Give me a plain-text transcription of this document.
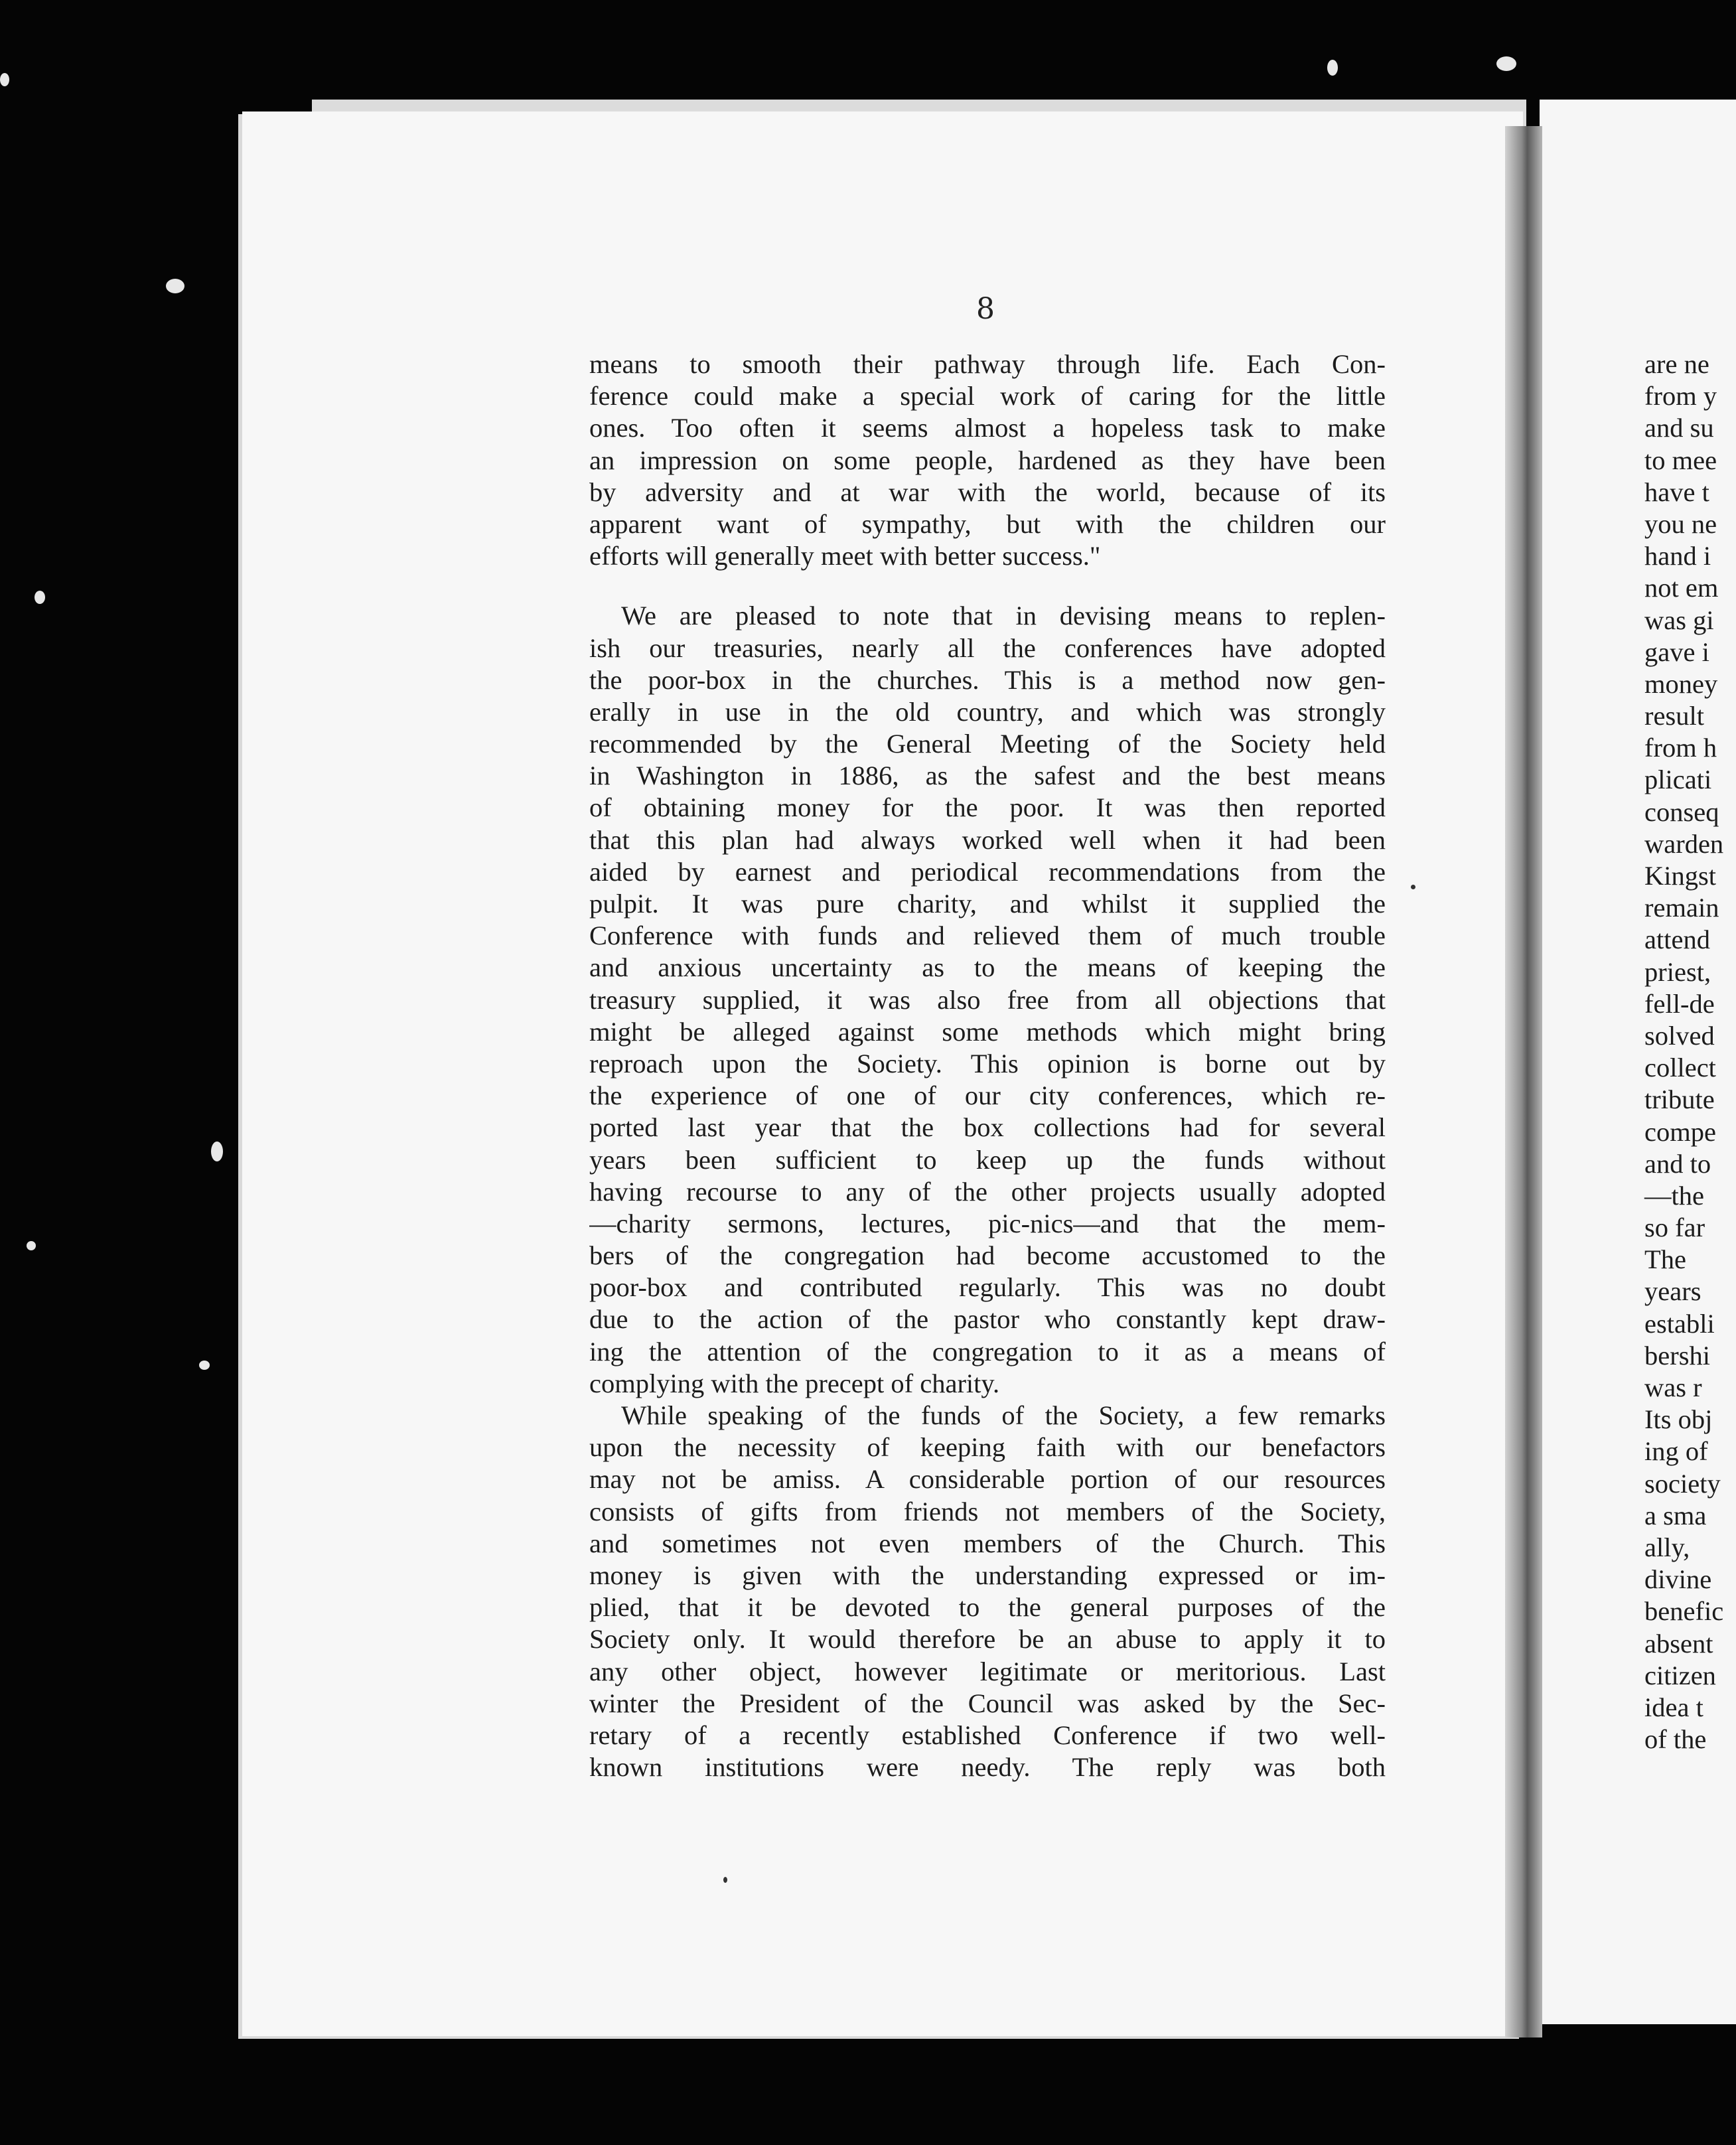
8
means to smooth their pathway through life. Each Con-
ference could make a special work of caring for the little
ones. Too often it seems almost a hopeless task to make
an impression on some people, hardened as they have been
by adversity and at war with the world, because of its
apparent want of sympathy, but with the children our
efforts will generally meet with better success."
We are pleased to note that in devising means to replen-
ish our treasuries, nearly all the conferences have adopted
the poor-box in the churches. This is a method now gen-
erally in use in the old country, and which was strongly
recommended by the General Meeting of the Society held
in Washington in 1886, as the safest and the best means
of obtaining money for the poor. It was then reported
that this plan had always worked well when it had been
aided by earnest and periodical recommendations from the
pulpit. It was pure charity, and whilst it supplied the
Conference with funds and relieved them of much trouble
and anxious uncertainty as to the means of keeping the
treasury supplied, it was also free from all objections that
might be alleged against some methods which might bring
reproach upon the Society. This opinion is borne out by
the experience of one of our city conferences, which re-
ported last year that the box collections had for several
years been sufficient to keep up the funds without
having recourse to any of the other projects usually adopted
—charity sermons, lectures, pic-nics—and that the mem-
bers of the congregation had become accustomed to the
poor-box and contributed regularly. This was no doubt
due to the action of the pastor who constantly kept draw-
ing the attention of the congregation to it as a means of
complying with the precept of charity.
While speaking of the funds of the Society, a few remarks
upon the necessity of keeping faith with our benefactors
may not be amiss. A considerable portion of our resources
consists of gifts from friends not members of the Society,
and sometimes not even members of the Church. This
money is given with the understanding expressed or im-
plied, that it be devoted to the general purposes of the
Society only. It would therefore be an abuse to apply it to
any other object, however legitimate or meritorious. Last
winter the President of the Council was asked by the Sec-
retary of a recently established Conference if two well-
known institutions were needy. The reply was both
are ne
from y
and su
to mee
have t
you ne
hand i
not em
was gi
gave i
money
result
from h
plicati
conseq
warden
Kingst
remain
attend
priest,
fell-de
solved
collect
tribute
compe
and to
—the
so far
The
years
establi
bershi
was r
Its obj
ing of
society
a sma
ally,
divine
benefic
absent
citizen
idea t
of the
